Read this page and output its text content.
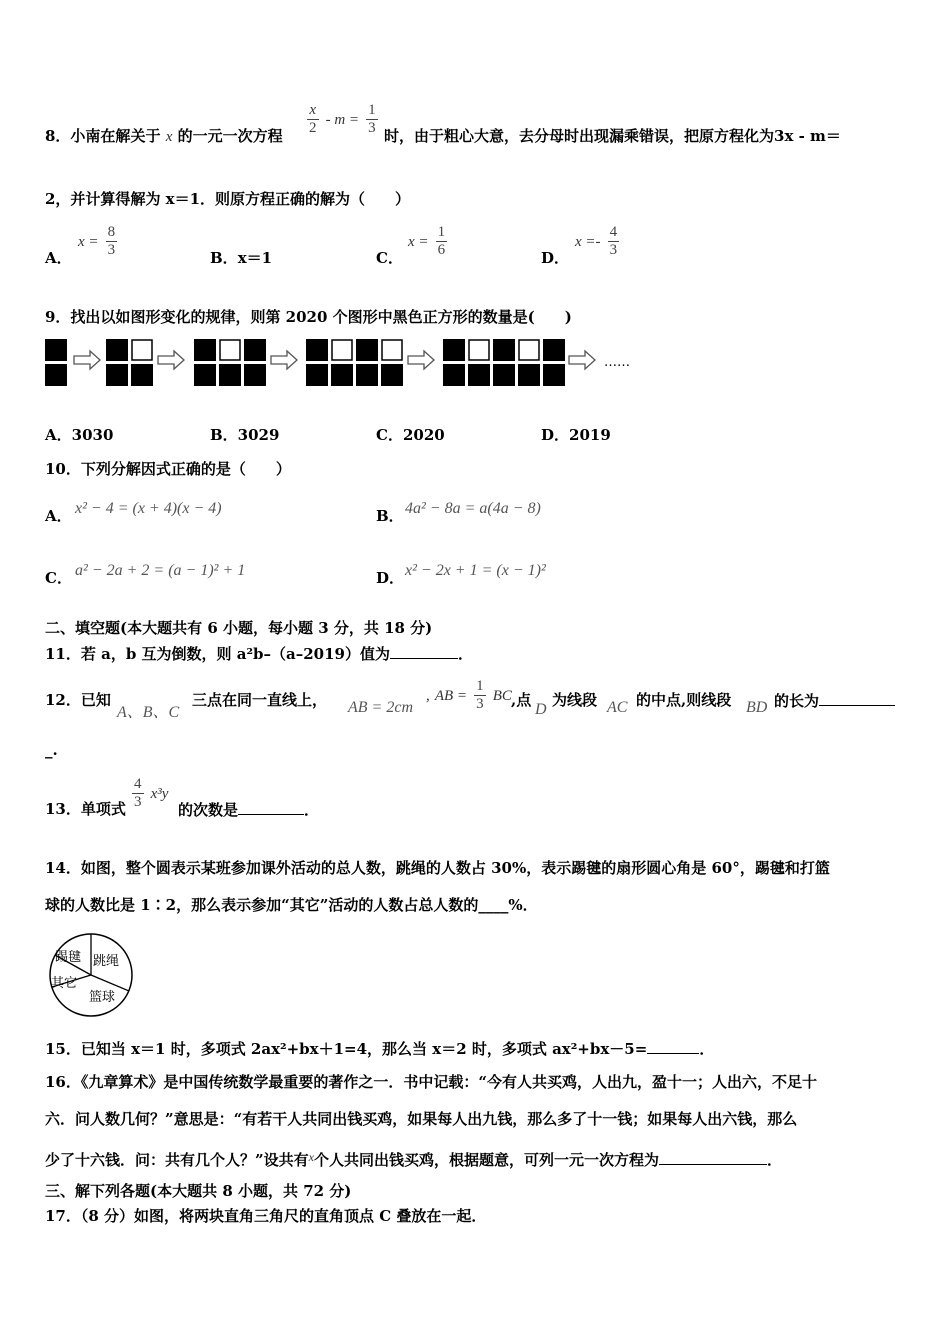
8．小南在解关于 x 的一元一次方程 $\frac{x}{2} - m = \frac{1}{3}$ 时，由于粗心大意，去分母时出现漏乘错误，把原方程化为3x - m＝
2，并计算得解为 x＝1．则原方程正确的解为（　　）
A．
$x = \frac{8}{3}$	B．x＝1	C．
$x = \frac{1}{6}$	D．
$x =- \frac{4}{3}$
9．找出以如图形变化的规律，则第 2020 个图形中黑色正方形的数量是(　　)
……
A．3030	B．3029	C．2020	D．2019
10．下列分解因式正确的是（　　）
A． x² − 4 = (x + 4)(x − 4)	B． 4a² − 8a = a(4a − 8)
C． a² − 2a + 2 = (a − 1)² + 1	D． x² − 2x + 1 = (x − 1)²
二、填空题(本大题共有 6 小题，每小题 3 分，共 18 分)
11．若 a，b 互为倒数，则 a²b–（a–2019）值为	．
12．已知
A、B、C
三点在同一直线上， AB = 2cm
, AB = $\frac{1}{3}$ BC ,点
D
为线段 AC 的中点,则线段 BD 的长为
_.
13．单项式 $\frac{4}{3} x^3y$
的次数是	．
14．如图，整个圆表示某班参加课外活动的总人数，跳绳的人数占 30%，表示踢毽的扇形圆心角是 60°，踢毽和打篮
球的人数比是 1∶2，那么表示参加“其它”活动的人数占总人数的____%．
踢毽 跳绳
其它
篮球
15．已知当 x＝1 时，多项式 2ax²+bx＋1=4，那么当 x＝2 时，多项式 ax²+bx－5=	．
16．《九章算术》是中国传统数学最重要的著作之一．书中记载：“今有人共买鸡，人出九，盈十一；人出六，不足十
六．问人数几何？”意思是：“有若干人共同出钱买鸡，如果每人出九钱，那么多了十一钱；如果每人出六钱，那么
少了十六钱．问：共有几个人？”设共有$^x$个人共同出钱买鸡，根据题意，可列一元一次方程为	．
三、解下列各题(本大题共 8 小题，共 72 分)
17．（8 分）如图，将两块直角三角尺的直角顶点 C 叠放在一起．
